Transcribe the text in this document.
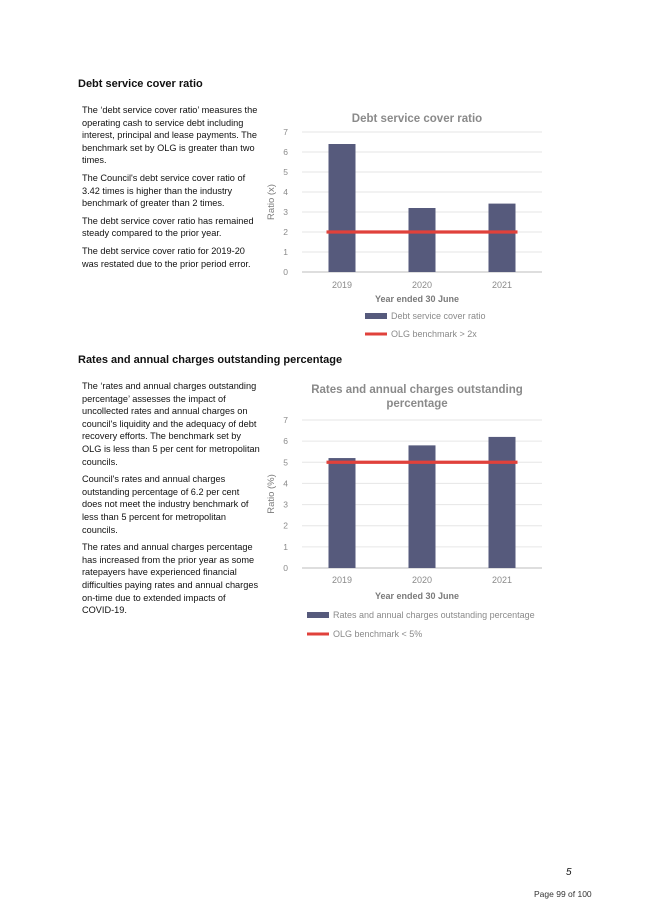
Debt service cover ratio

The ‘debt service cover ratio’ measures the operating cash to service debt including interest, principal and lease payments. The benchmark set by OLG is greater than two times.

The Council's debt service cover ratio of 3.42 times is higher than the industry benchmark of greater than 2 times.

The debt service cover ratio has remained steady compared to the prior year.

The debt service cover ratio for 2019-20 was restated due to the prior period error.

Debt service cover ratio
0
1
2
3
4
5
6
7
Ratio (x)
2019	2020	2021
Year ended 30 June
Debt service cover ratio
OLG benchmark > 2x
Rates and annual charges outstanding percentage

The ‘rates and annual charges outstanding percentage’ assesses the impact of uncollected rates and annual charges on council's liquidity and the adequacy of debt recovery efforts. The benchmark set by OLG is less than 5 per cent for metropolitan councils.

Council's rates and annual charges outstanding percentage of 6.2 per cent does not meet the industry benchmark of less than 5 percent for metropolitan councils.

The rates and annual charges percentage has increased from the prior year as some ratepayers have experienced financial difficulties paying rates and annual charges on-time due to extended impacts of COVID-19.

Rates and annual charges outstanding
percentage
0
1
2
3
4
5
6
7
Ratio (%)
2019	2020	2021
Year ended 30 June
Rates and annual charges outstanding percentage
OLG benchmark < 5%
5
Page 99 of 100
